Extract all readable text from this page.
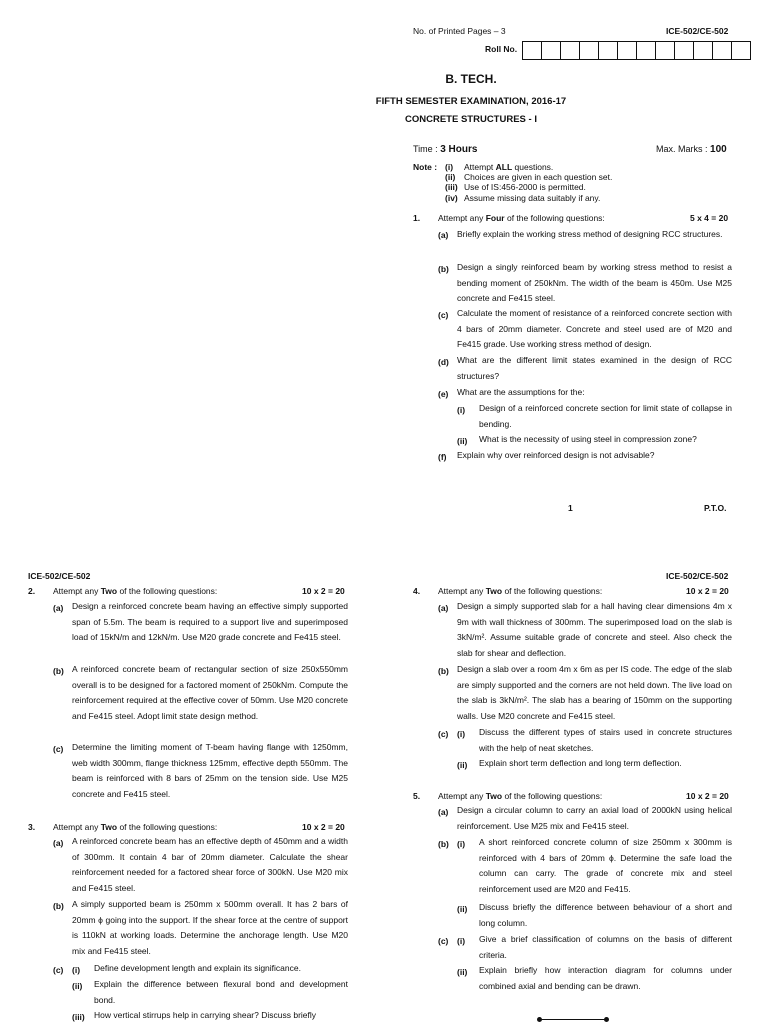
No. of Printed Pages – 3	ICE-502/CE-502
Roll No.
B. TECH.
FIFTH SEMESTER EXAMINATION, 2016-17
CONCRETE STRUCTURES - I
Time : 3 Hours	Max. Marks : 100
Note : (i) Attempt ALL questions.
(ii) Choices are given in each question set.
(iii) Use of IS:456-2000 is permitted.
(iv) Assume missing data suitably if any.
1. Attempt any Four of the following questions:	5 x 4 = 20
(a) Briefly explain the working stress method of designing RCC structures.
(b) Design a singly reinforced beam by working stress method to resist a bending moment of 250kNm. The width of the beam is 450m. Use M25 concrete and Fe415 steel.
(c) Calculate the moment of resistance of a reinforced concrete section with 4 bars of 20mm diameter. Concrete and steel used are of M20 and Fe415 grade. Use working stress method of design.
(d) What are the different limit states examined in the design of RCC structures?
(e) What are the assumptions for the:
(i) Design of a reinforced concrete section for limit state of collapse in bending.
(ii) What is the necessity of using steel in compression zone?
(f) Explain why over reinforced design is not advisable?
1	P.T.O.
ICE-502/CE-502	ICE-502/CE-502
2. Attempt any Two of the following questions:	10 x 2 = 20
(a) Design a reinforced concrete beam having an effective simply supported span of 5.5m. The beam is required to a support live and superimposed load of 15kN/m and 12kN/m. Use M20 grade concrete and Fe415 steel.
(b) A reinforced concrete beam of rectangular section of size 250x550mm overall is to be designed for a factored moment of 250kNm. Compute the reinforcement required at the effective cover of 50mm. Use M20 concrete and Fe415 steel. Adopt limit state design method.
(c) Determine the limiting moment of T-beam having flange with 1250mm, web width 300mm, flange thickness 125mm, effective depth 550mm. The beam is reinforced with 8 bars of 25mm on the tension side. Use M25 concrete and Fe415 steel.
3. Attempt any Two of the following questions:	10 x 2 = 20
(a) A reinforced concrete beam has an effective depth of 450mm and a width of 300mm. It contain 4 bar of 20mm diameter. Calculate the shear reinforcement needed for a factored shear force of 300kN. Use M20 mix and Fe415 steel.
(b) A simply supported beam is 250mm x 500mm overall. It has 2 bars of 20mm ϕ going into the support. If the shear force at the centre of support is 110kN at working loads. Determine the anchorage length. Use M20 mix and Fe415 steel.
(c) (i) Define development length and explain its significance.
(ii) Explain the difference between flexural bond and development bond.
(iii) How vertical stirrups help in carrying shear? Discuss briefly
4. Attempt any Two of the following questions:	10 x 2 = 20
(a) Design a simply supported slab for a hall having clear dimensions 4m x 9m with wall thickness of 300mm. The superimposed load on the slab is 3kN/m². Assume suitable grade of concrete and steel. Also check the slab for shear and deflection.
(b) Design a slab over a room 4m x 6m as per IS code. The edge of the slab are simply supported and the corners are not held down. The live load on the slab is 3kN/m². The slab has a bearing of 150mm on the supporting walls. Use M20 concrete and Fe415 steel.
(c) (i) Discuss the different types of stairs used in concrete structures with the help of neat sketches.
(ii) Explain short term deflection and long term deflection.
5. Attempt any Two of the following questions:	10 x 2 = 20
(a) Design a circular column to carry an axial load of 2000kN using helical reinforcement. Use M25 mix and Fe415 steel.
(b) (i) A short reinforced concrete column of size 250mm x 300mm is reinforced with 4 bars of 20mm ϕ. Determine the safe load the column can carry. The grade of concrete mix and steel reinforcement used are M20 and Fe415.
(ii) Discuss briefly the difference between behaviour of a short and long column.
(c) (i) Give a brief classification of columns on the basis of different criteria.
(ii) Explain briefly how interaction diagram for columns under combined axial and bending can be drawn.
